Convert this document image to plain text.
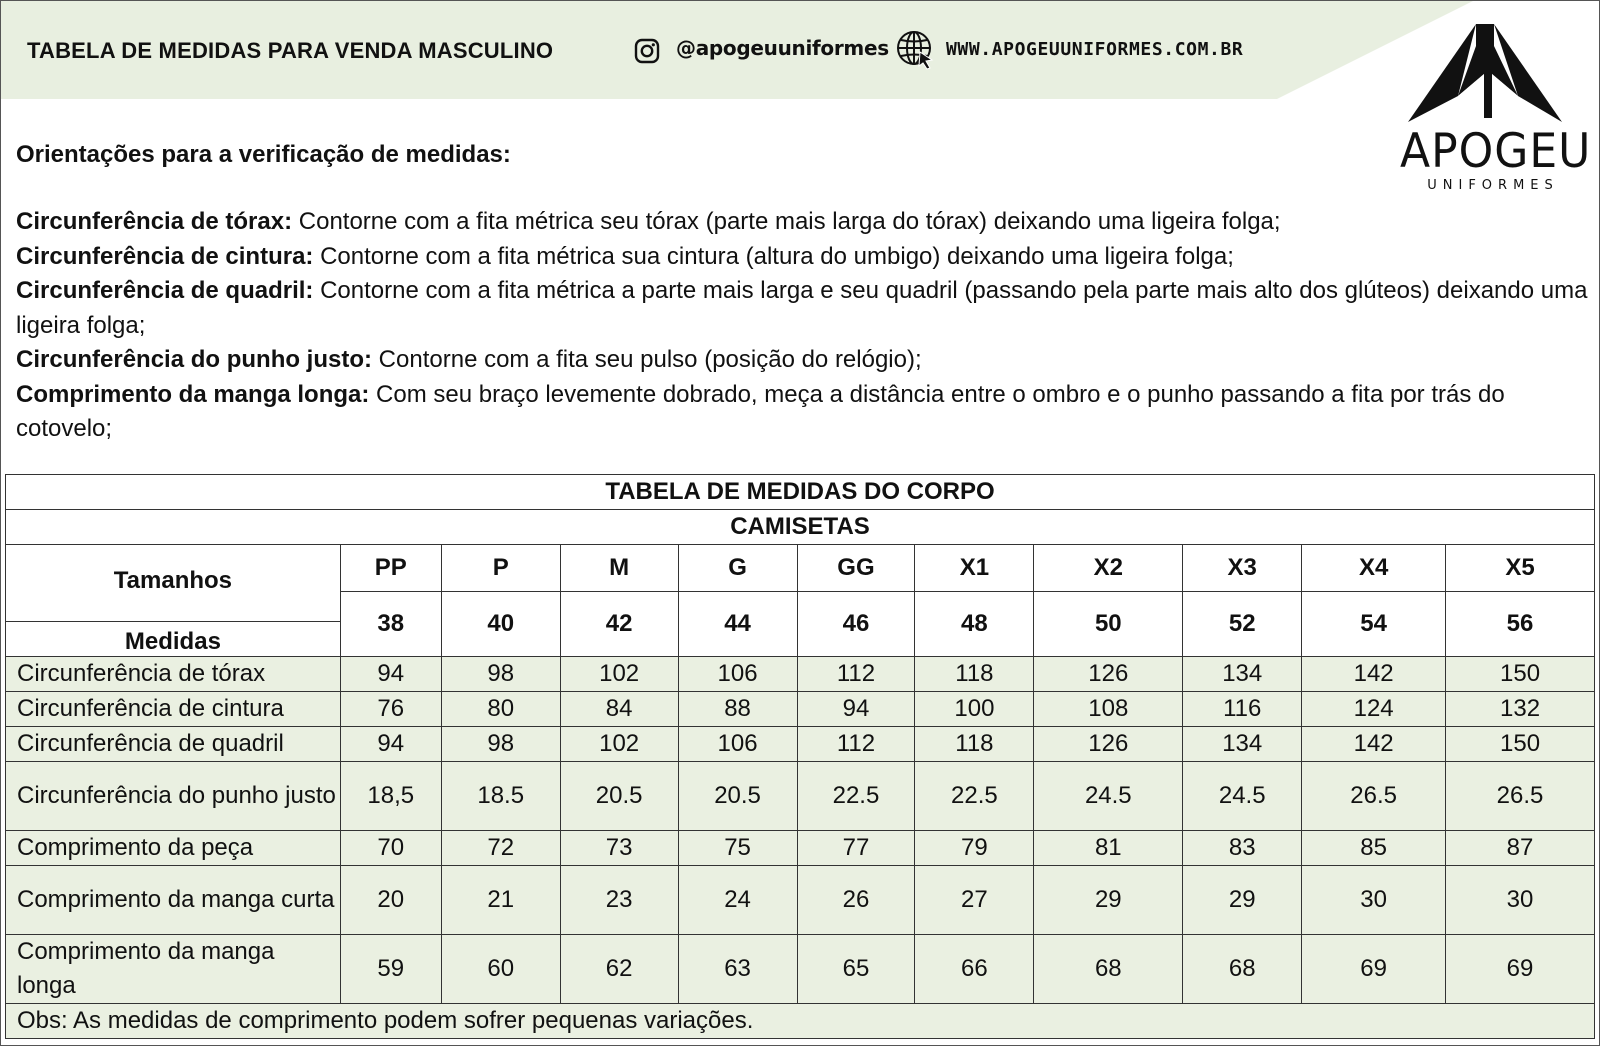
TABELA DE MEDIDAS PARA VENDA MASCULINO	@apogeuuniformes	WWW.APOGEUUNIFORMES.COM.BR
APOGEU
UNIFORMES
Orientações para a verificação de medidas:

Circunferência de tórax: Contorne com a fita métrica seu tórax (parte mais larga do tórax) deixando uma ligeira folga;

Circunferência de cintura: Contorne com a fita métrica sua cintura (altura do umbigo) deixando uma ligeira folga;

Circunferência de quadril: Contorne com a fita métrica a parte mais larga e seu quadril (passando pela parte mais alto dos glúteos) deixando uma ligeira folga;

Circunferência do punho justo: Contorne com a fita seu pulso (posição do relógio);

Comprimento da manga longa: Com seu braço levemente dobrado, meça a distância entre o ombro e o punho passando a fita por trás do cotovelo;

TABELA DE MEDIDAS DO CORPO										
CAMISETAS										

Tamanhos
Medidas	PP	P	M	G	GG	X1	X2	X3	X4	X5
	38	40	42	44	46	48	50	52	54	56
Circunferência de tórax	94	98	102	106	112	118	126	134	142	150
Circunferência de cintura	76	80	84	88	94	100	108	116	124	132
Circunferência de quadril	94	98	102	106	112	118	126	134	142	150
Circunferência do punho justo	18,5	18.5	20.5	20.5	22.5	22.5	24.5	24.5	26.5	26.5
Comprimento da peça	70	72	73	75	77	79	81	83	85	87
Comprimento da manga curta	20	21	23	24	26	27	29	29	30	30
Comprimento da manga longa	59	60	62	63	65	66	68	68	69	69
Obs: As medidas de comprimento podem sofrer pequenas variações.										
